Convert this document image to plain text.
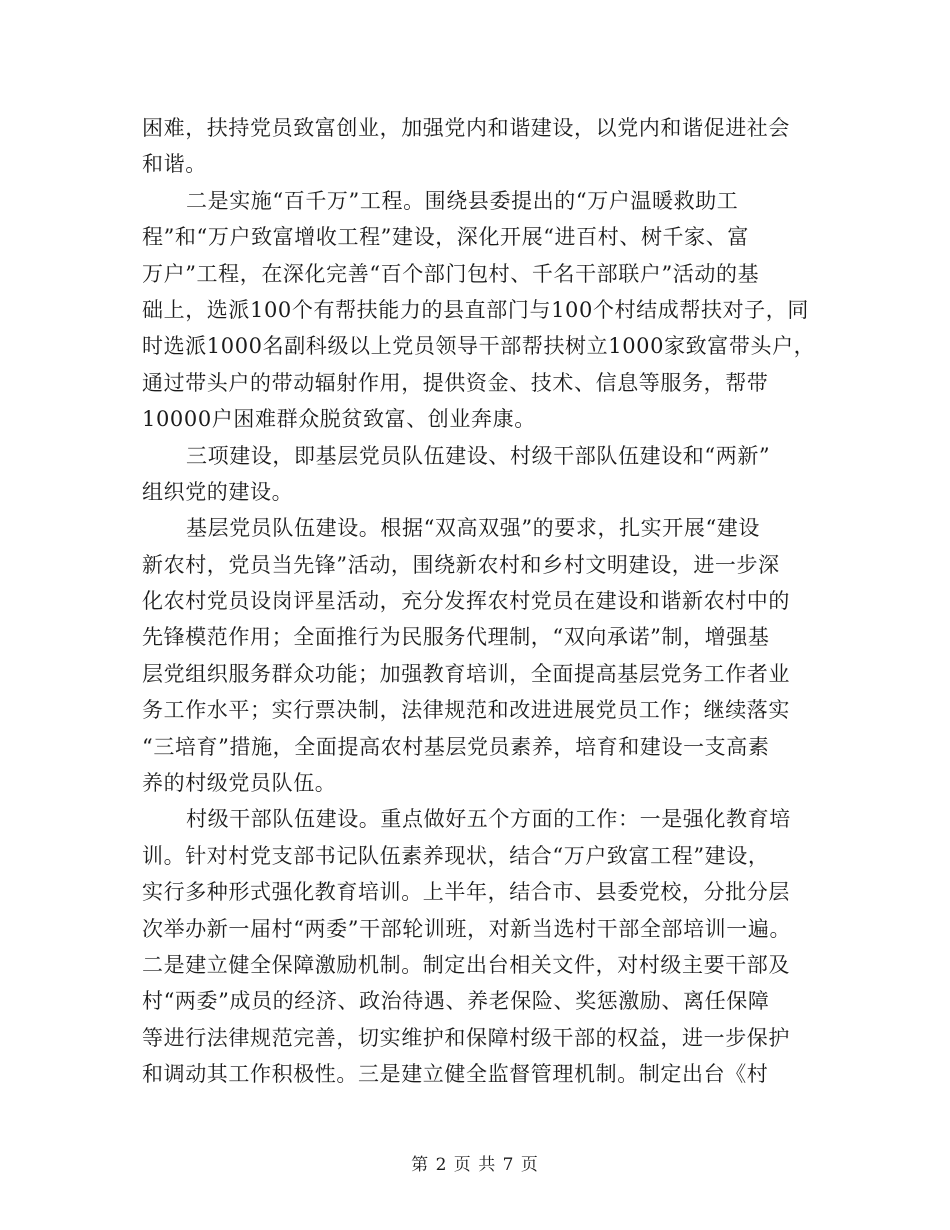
困难，扶持党员致富创业，加强党内和谐建设，以党内和谐促进社会
和谐。
二是实施“百千万”工程。围绕县委提出的“万户温暖救助工
程”和“万户致富增收工程”建设，深化开展“进百村、树千家、富
万户”工程，在深化完善“百个部门包村、千名干部联户”活动的基
础上，选派100个有帮扶能力的县直部门与100个村结成帮扶对子，同
时选派1000名副科级以上党员领导干部帮扶树立1000家致富带头户，
通过带头户的带动辐射作用，提供资金、技术、信息等服务，帮带
10000户困难群众脱贫致富、创业奔康。
三项建设，即基层党员队伍建设、村级干部队伍建设和“两新”
组织党的建设。
基层党员队伍建设。根据“双高双强”的要求，扎实开展“建设
新农村，党员当先锋”活动，围绕新农村和乡村文明建设，进一步深
化农村党员设岗评星活动，充分发挥农村党员在建设和谐新农村中的
先锋模范作用；全面推行为民服务代理制，“双向承诺”制，增强基
层党组织服务群众功能；加强教育培训，全面提高基层党务工作者业
务工作水平；实行票决制，法律规范和改进进展党员工作；继续落实
“三培育”措施，全面提高农村基层党员素养，培育和建设一支高素
养的村级党员队伍。
村级干部队伍建设。重点做好五个方面的工作：一是强化教育培
训。针对村党支部书记队伍素养现状，结合“万户致富工程”建设，
实行多种形式强化教育培训。上半年，结合市、县委党校，分批分层
次举办新一届村“两委”干部轮训班，对新当选村干部全部培训一遍。
二是建立健全保障激励机制。制定出台相关文件，对村级主要干部及
村“两委”成员的经济、政治待遇、养老保险、奖惩激励、离任保障
等进行法律规范完善，切实维护和保障村级干部的权益，进一步保护
和调动其工作积极性。三是建立健全监督管理机制。制定出台《村
第 2 页 共 7 页
